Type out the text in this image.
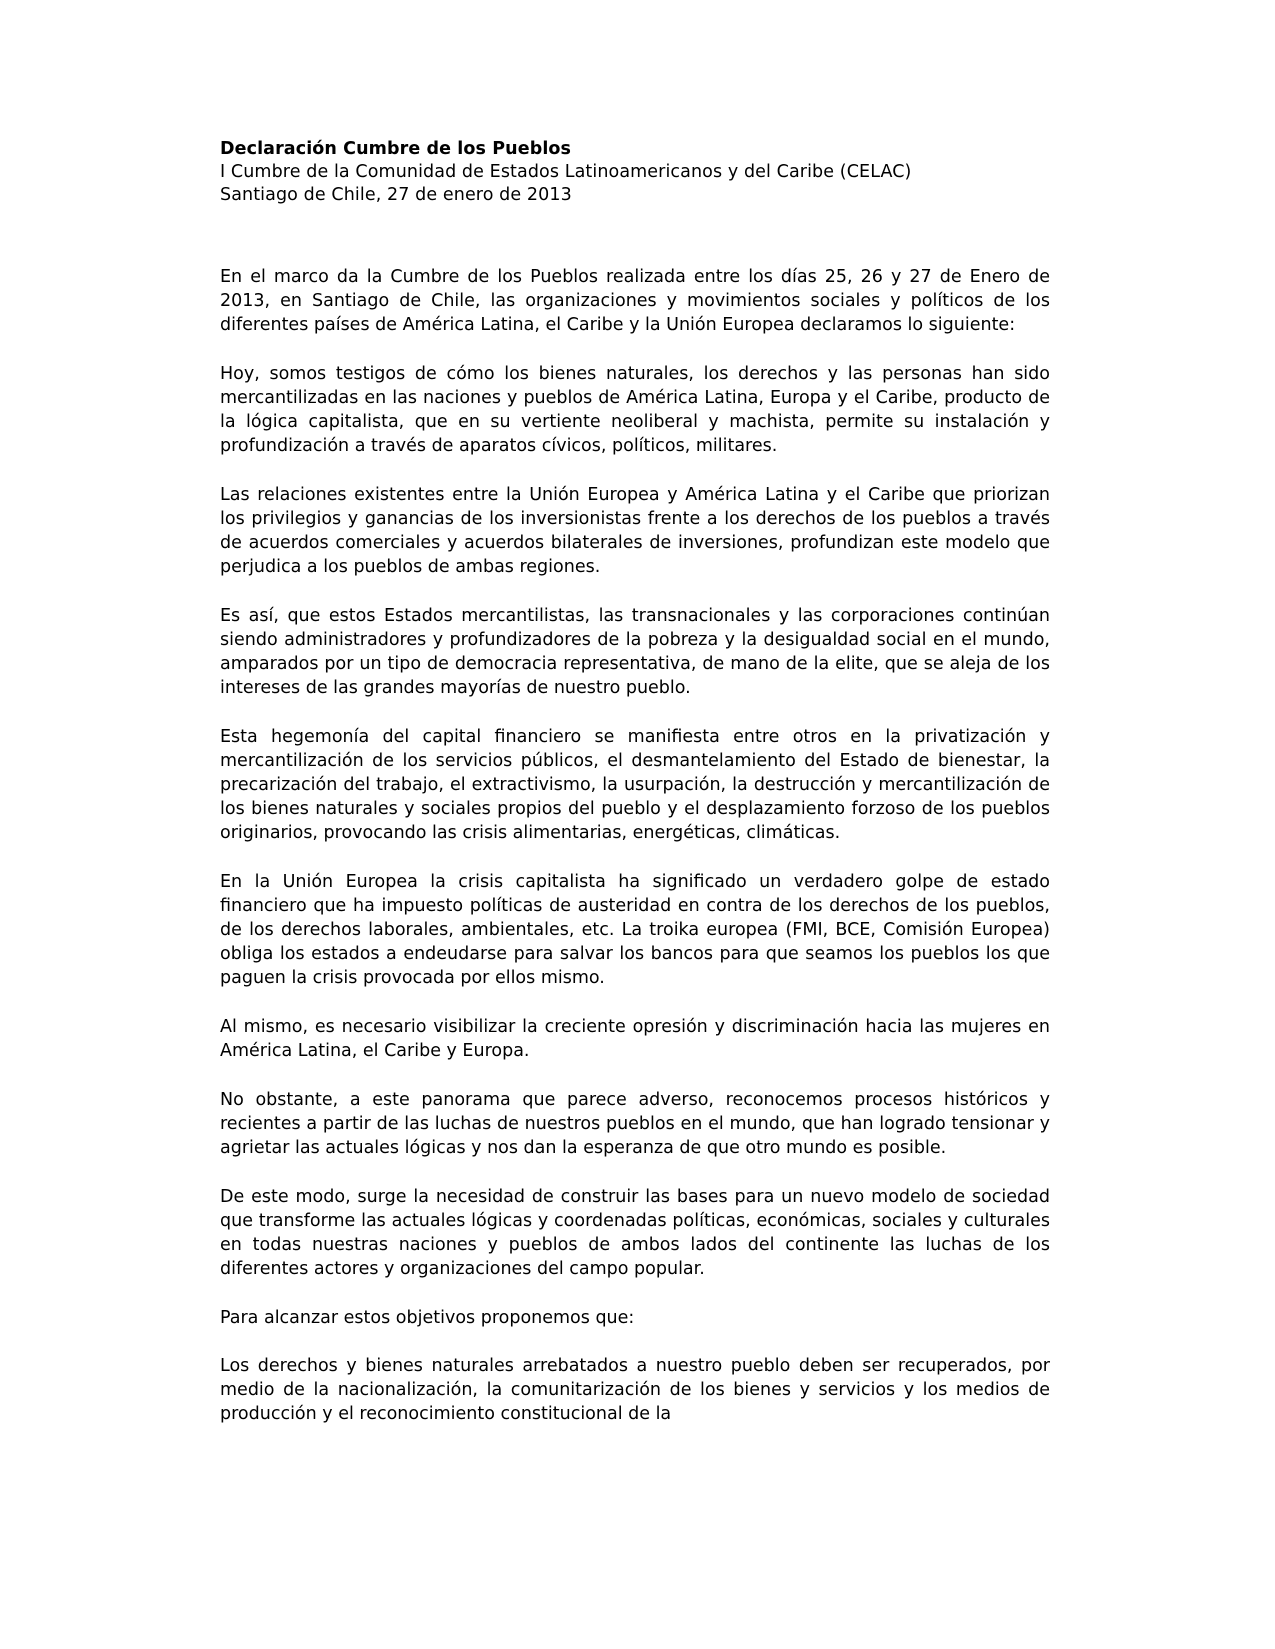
Declaración Cumbre de los Pueblos

I Cumbre de la Comunidad de Estados Latinoamericanos y del Caribe (CELAC)

Santiago de Chile, 27 de enero de 2013

En el marco da la Cumbre de los Pueblos realizada entre los días 25, 26 y 27 de Enero de 2013, en Santiago de Chile, las organizaciones y movimientos sociales y políticos de los diferentes países de América Latina, el Caribe y la Unión Europea declaramos lo siguiente:

Hoy, somos testigos de cómo los bienes naturales, los derechos y las personas han sido mercantilizadas en las naciones y pueblos de América Latina, Europa y el Caribe, producto de la lógica capitalista, que en su vertiente neoliberal y machista, permite su instalación y profundización a través de aparatos cívicos, políticos, militares.

Las relaciones existentes entre la Unión Europea y América Latina y el Caribe que priorizan los privilegios y ganancias de los inversionistas frente a los derechos de los pueblos a través de acuerdos comerciales y acuerdos bilaterales de inversiones, profundizan este modelo que perjudica a los pueblos de ambas regiones.

Es así, que estos Estados mercantilistas, las transnacionales y las corporaciones continúan siendo administradores y profundizadores de la pobreza y la desigualdad social en el mundo, amparados por un tipo de democracia representativa, de mano de la elite, que se aleja de los intereses de las grandes mayorías de nuestro pueblo.

Esta hegemonía del capital financiero se manifiesta entre otros en la privatización y mercantilización de los servicios públicos, el desmantelamiento del Estado de bienestar, la precarización del trabajo, el extractivismo, la usurpación, la destrucción y mercantilización de los bienes naturales y sociales propios del pueblo y el desplazamiento forzoso de los pueblos originarios, provocando las crisis alimentarias, energéticas, climáticas.

En la Unión Europea la crisis capitalista ha significado un verdadero golpe de estado financiero que ha impuesto políticas de austeridad en contra de los derechos de los pueblos, de los derechos laborales, ambientales, etc. La troika europea (FMI, BCE, Comisión Europea) obliga los estados a endeudarse para salvar los bancos para que seamos los pueblos los que paguen la crisis provocada por ellos mismo.

Al mismo, es necesario visibilizar la creciente opresión y discriminación hacia las mujeres en América Latina, el Caribe y Europa.

No obstante, a este panorama que parece adverso, reconocemos procesos históricos y recientes a partir de las luchas de nuestros pueblos en el mundo, que han logrado tensionar y agrietar las actuales lógicas y nos dan la esperanza de que otro mundo es posible.

De este modo, surge la necesidad de construir las bases para un nuevo modelo de sociedad que transforme las actuales lógicas y coordenadas políticas, económicas, sociales y culturales en todas nuestras naciones y pueblos de ambos lados del continente las luchas de los diferentes actores y organizaciones del campo popular.

Para alcanzar estos objetivos proponemos que:

Los derechos y bienes naturales arrebatados a nuestro pueblo deben ser recuperados, por medio de la nacionalización, la comunitarización de los bienes y servicios y los medios de producción y el reconocimiento constitucional de la
